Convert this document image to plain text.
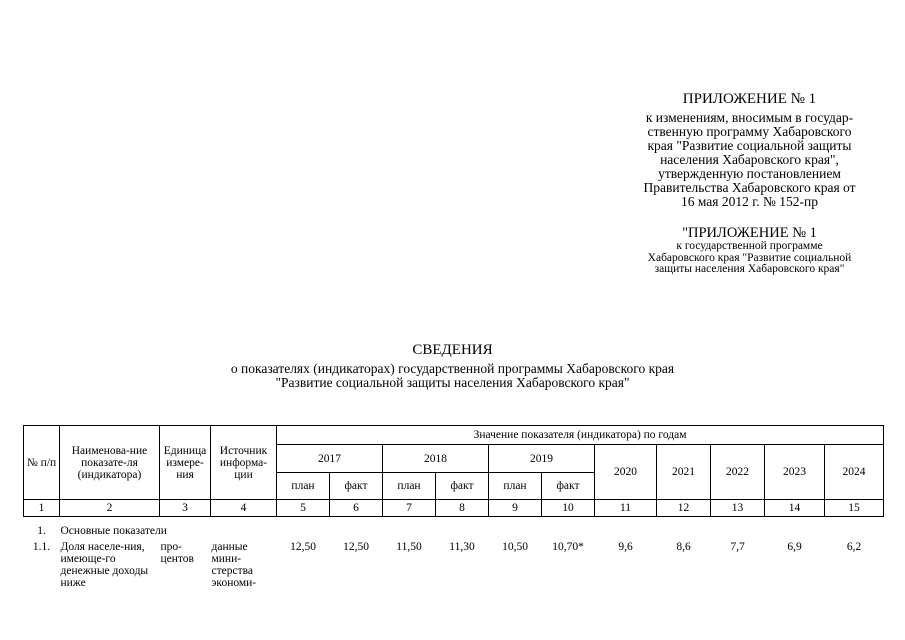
ПРИЛОЖЕНИЕ № 1
к изменениям, вносимым в государ-
ственную программу Хабаровского
края "Развитие социальной защиты
населения Хабаровского края",
утвержденную постановлением
Правительства Хабаровского края от
16 мая 2012 г. № 152-пр
"ПРИЛОЖЕНИЕ № 1
к государственной программе
Хабаровского края "Развитие социальной
защиты населения Хабаровского края"
СВЕДЕНИЯ
о показателях (индикаторах) государственной программы Хабаровского края
"Развитие социальной защиты населения Хабаровского края"
№ п/п	Наименова-ние показате-ля (индикатора)	Единица измере-ния	Источник информа-ции	Значение показателя (индикатора) по годам										
				2017		2018		2019		2020	2021	2022	2023	2024
				план	факт	план	факт	план	факт					
1	2	3	4	5	6	7	8	9	10	11	12	13	14	15

1.	Основные показатели													
1.1.	Доля населе-ния, имеюще-го денежные доходы ниже	про-центов	данные мини-стерства экономи-	12,50	12,50	11,50	11,30	10,50	10,70*	9,6	8,6	7,7	6,9	6,2
